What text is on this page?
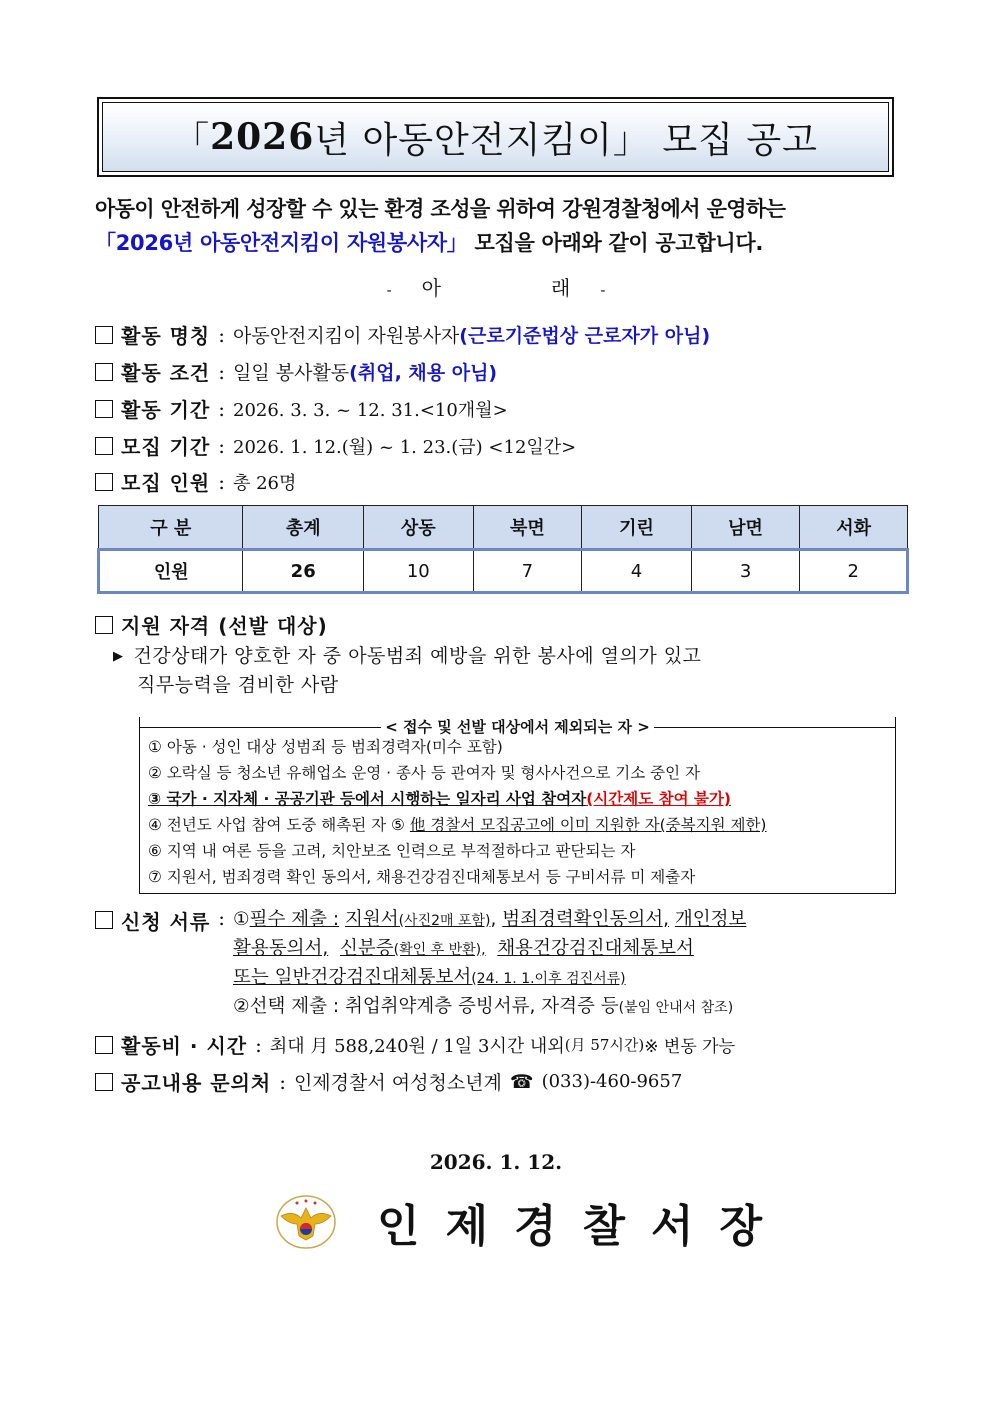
「 2026 년 아동안전지킴이」 모집 공고
아동이 안전하게 성장할 수 있는 환경 조성을 위하여 강원경찰청에서 운영하는
「2026년 아동안전지킴이 자원봉사자」 모집을 아래와 같이 공고합니다.
- 아	래 -
활동 명칭 : 아동안전지킴이 자원봉사자 (근로기준법상 근로자가 아님)
활동 조건 : 일일 봉사활동 (취업, 채용 아님)
활동 기간 : 2026. 3. 3. ~ 12. 31.<10개월>
모집 기간 : 2026. 1. 12.(월) ~ 1. 23.(금) <12일간>
모집 인원 : 총 26명
구 분	총계	상동	북면	기린	남면	서화
인원	26	10	7	4	3	2
지원 자격 (선발 대상)
▶ 건강상태가 양호한 자 중 아동범죄 예방을 위한 봉사에 열의가 있고
직무능력을 겸비한 사람
< 접수 및 선발 대상에서 제외되는 자 >
① 아동 · 성인 대상 성범죄 등 범죄경력자(미수 포함)
② 오락실 등 청소년 유해업소 운영 · 종사 등 관여자 및 형사사건으로 기소 중인 자
③ 국가 · 지자체 · 공공기관 등에서 시행하는 일자리 사업 참여자(시간제도 참여 불가)
④ 전년도 사업 참여 도중 해촉된 자 ⑤ 他 경찰서 모집공고에 이미 지원한 자(중복지원 제한)
⑥ 지역 내 여론 등을 고려, 치안보조 인력으로 부적절하다고 판단되는 자
⑦ 지원서, 범죄경력 확인 동의서, 채용건강검진대체통보서 등 구비서류 미 제출자
신청 서류 : ①필수 제출 : 지원서(사진2매 포함), 범죄경력확인동의서, 개인정보
활용동의서, 신분증(확인 후 반환), 채용건강검진대체통보서
또는 일반건강검진대체통보서(24. 1. 1.이후 검진서류)
②선택 제출 : 취업취약계층 증빙서류, 자격증 등(붙임 안내서 참조)
활동비 · 시간 : 최대 月 588,240원 / 1일 3시간 내외 (月 57시간) ※ 변동 가능
공고내용 문의처 : 인제경찰서 여성청소년계 ☎ (033)-460-9657
2026. 1. 12.
인제경찰서장
